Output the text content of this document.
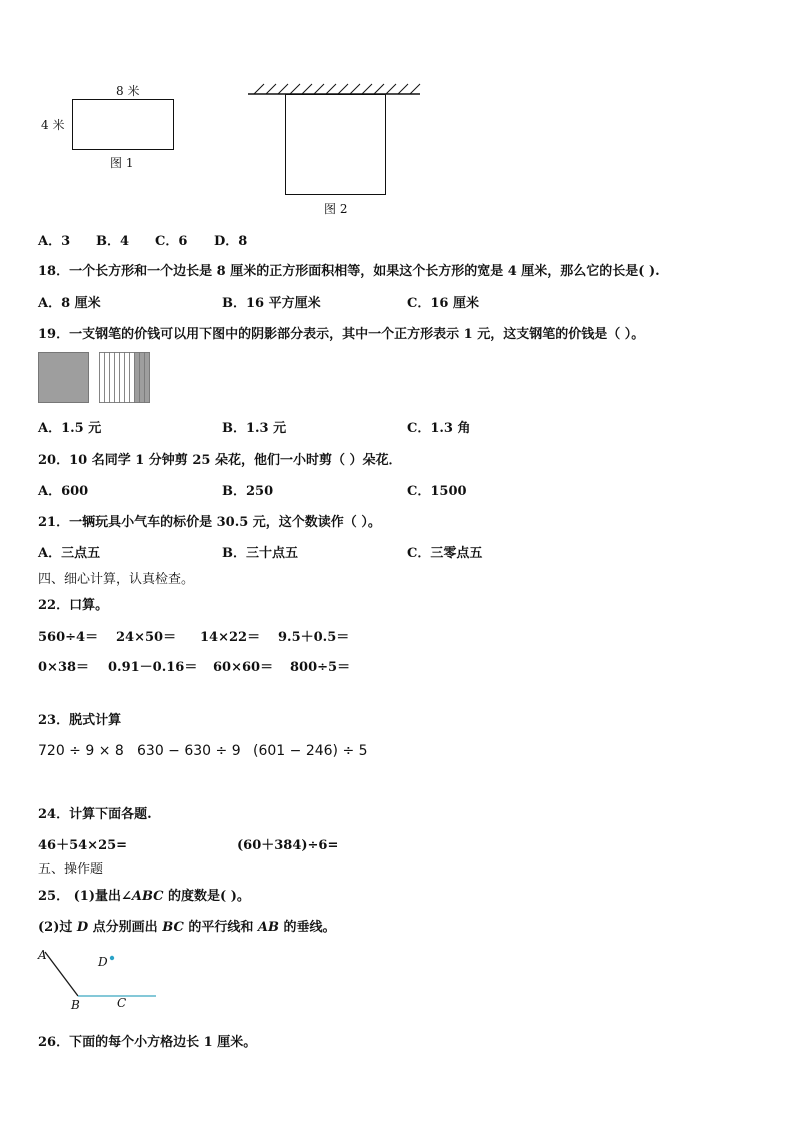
8 米
4 米
图 1
图 2
A．3 B．4 C．6 D．8
18．一个长方形和一个边长是 8 厘米的正方形面积相等，如果这个长方形的宽是 4 厘米，那么它的长是( ).
A．8 厘米	B．16 平方厘米	C．16 厘米
19．一支钢笔的价钱可以用下图中的阴影部分表示，其中一个正方形表示 1 元，这支钢笔的价钱是（ ）。
A．1.5 元	B．1.3 元	C．1.3 角
20．10 名同学 1 分钟剪 25 朵花，他们一小时剪（ ）朵花．
A．600	B．250	C．1500
21．一辆玩具小气车的标价是 30.5 元，这个数读作（ ）。
A．三点五	B．三十点五	C．三零点五
四、细心计算，认真检查。
22．口算。
560÷4＝ 24×50＝ 14×22＝ 9.5＋0.5＝
0×38＝ 0.91－0.16＝ 60×60＝ 800÷5＝
23．脱式计算
720 ÷ 9 × 8 630 − 630 ÷ 9 (601 − 246) ÷ 5
24．计算下面各题.
46＋54×25=	(60＋384)÷6=
五、操作题
25． (1)量出∠ABC 的度数是( )。
(2)过 D 点分别画出 BC 的平行线和 AB 的垂线。
A	D
B	C
26．下面的每个小方格边长 1 厘米。
